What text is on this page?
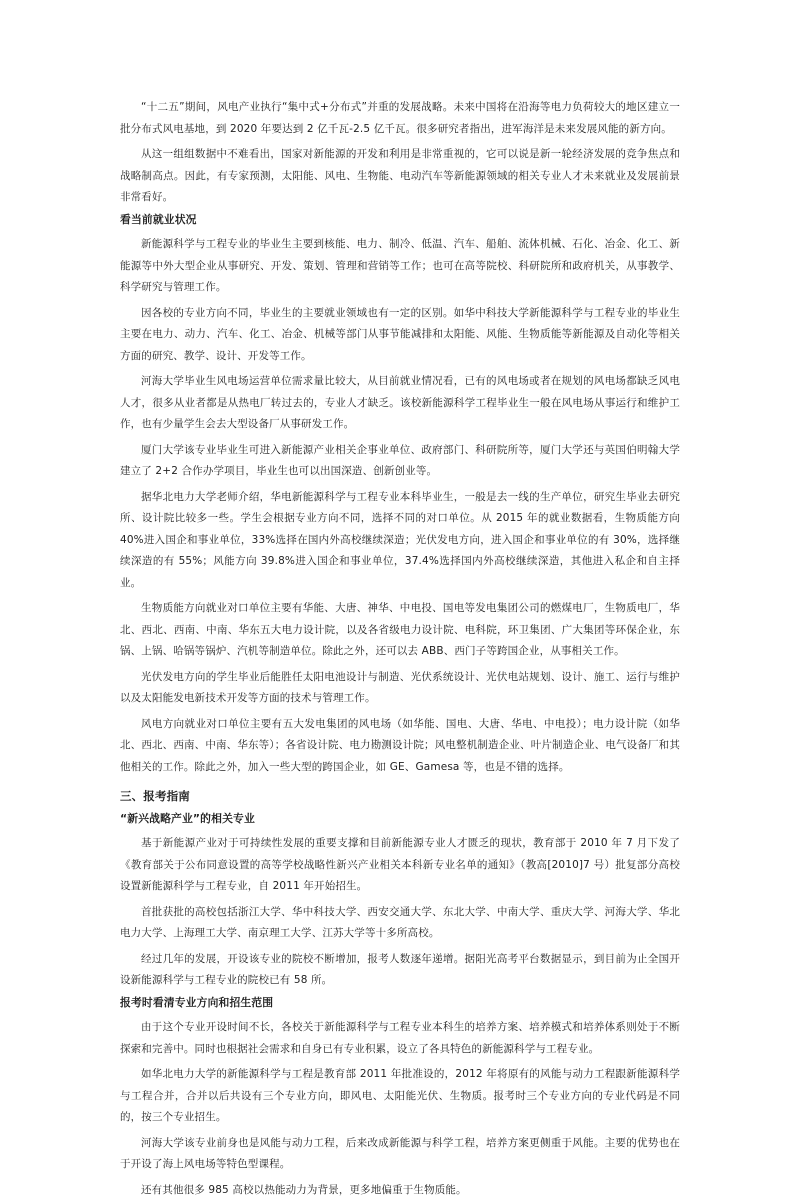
“十二五”期间，风电产业执行“集中式+分布式”并重的发展战略。未来中国将在沿海等电力负荷较大的地区建立一批分布式风电基地，到 2020 年要达到 2 亿千瓦-2.5 亿千瓦。很多研究者指出，进军海洋是未来发展风能的新方向。

从这一组组数据中不难看出，国家对新能源的开发和利用是非常重视的，它可以说是新一轮经济发展的竞争焦点和战略制高点。因此，有专家预测，太阳能、风电、生物能、电动汽车等新能源领域的相关专业人才未来就业及发展前景非常看好。

看当前就业状况

新能源科学与工程专业的毕业生主要到核能、电力、制冷、低温、汽车、船舶、流体机械、石化、冶金、化工、新能源等中外大型企业从事研究、开发、策划、管理和营销等工作；也可在高等院校、科研院所和政府机关，从事教学、科学研究与管理工作。

因各校的专业方向不同，毕业生的主要就业领域也有一定的区别。如华中科技大学新能源科学与工程专业的毕业生主要在电力、动力、汽车、化工、冶金、机械等部门从事节能减排和太阳能、风能、生物质能等新能源及自动化等相关方面的研究、教学、设计、开发等工作。

河海大学毕业生风电场运营单位需求量比较大，从目前就业情况看，已有的风电场或者在规划的风电场都缺乏风电人才，很多从业者都是从热电厂转过去的，专业人才缺乏。该校新能源科学工程毕业生一般在风电场从事运行和维护工作，也有少量学生会去大型设备厂从事研发工作。

厦门大学该专业毕业生可进入新能源产业相关企事业单位、政府部门、科研院所等，厦门大学还与英国伯明翰大学建立了 2+2 合作办学项目，毕业生也可以出国深造、创新创业等。

据华北电力大学老师介绍，华电新能源科学与工程专业本科毕业生，一般是去一线的生产单位，研究生毕业去研究所、设计院比较多一些。学生会根据专业方向不同，选择不同的对口单位。从 2015 年的就业数据看，生物质能方向 40%进入国企和事业单位，33%选择在国内外高校继续深造；光伏发电方向，进入国企和事业单位的有 30%，选择继续深造的有 55%；风能方向 39.8%进入国企和事业单位，37.4%选择国内外高校继续深造，其他进入私企和自主择业。

生物质能方向就业对口单位主要有华能、大唐、神华、中电投、国电等发电集团公司的燃煤电厂，生物质电厂，华北、西北、西南、中南、华东五大电力设计院，以及各省级电力设计院、电科院，环卫集团、广大集团等环保企业，东锅、上锅、哈锅等锅炉、汽机等制造单位。除此之外，还可以去 ABB、西门子等跨国企业，从事相关工作。

光伏发电方向的学生毕业后能胜任太阳电池设计与制造、光伏系统设计、光伏电站规划、设计、施工、运行与维护以及太阳能发电新技术开发等方面的技术与管理工作。

风电方向就业对口单位主要有五大发电集团的风电场（如华能、国电、大唐、华电、中电投）；电力设计院（如华北、西北、西南、中南、华东等）；各省设计院、电力勘测设计院；风电整机制造企业、叶片制造企业、电气设备厂和其他相关的工作。除此之外，加入一些大型的跨国企业，如 GE、Gamesa 等，也是不错的选择。

三、报考指南

“新兴战略产业”的相关专业

基于新能源产业对于可持续性发展的重要支撑和目前新能源专业人才匮乏的现状，教育部于 2010 年 7 月下发了《教育部关于公布同意设置的高等学校战略性新兴产业相关本科新专业名单的通知》（教高[2010]7 号）批复部分高校设置新能源科学与工程专业，自 2011 年开始招生。

首批获批的高校包括浙江大学、华中科技大学、西安交通大学、东北大学、中南大学、重庆大学、河海大学、华北电力大学、上海理工大学、南京理工大学、江苏大学等十多所高校。

经过几年的发展，开设该专业的院校不断增加，报考人数逐年递增。据阳光高考平台数据显示，到目前为止全国开设新能源科学与工程专业的院校已有 58 所。

报考时看清专业方向和招生范围

由于这个专业开设时间不长，各校关于新能源科学与工程专业本科生的培养方案、培养模式和培养体系则处于不断探索和完善中。同时也根据社会需求和自身已有专业积累，设立了各具特色的新能源科学与工程专业。

如华北电力大学的新能源科学与工程是教育部 2011 年批准设的，2012 年将原有的风能与动力工程跟新能源科学与工程合并，合并以后共设有三个专业方向，即风电、太阳能光伏、生物质。报考时三个专业方向的专业代码是不同的，按三个专业招生。

河海大学该专业前身也是风能与动力工程，后来改成新能源与科学工程，培养方案更侧重于风能。主要的优势也在于开设了海上风电场等特色型课程。

还有其他很多 985 高校以热能动力为背景，更多地偏重于生物质能。
